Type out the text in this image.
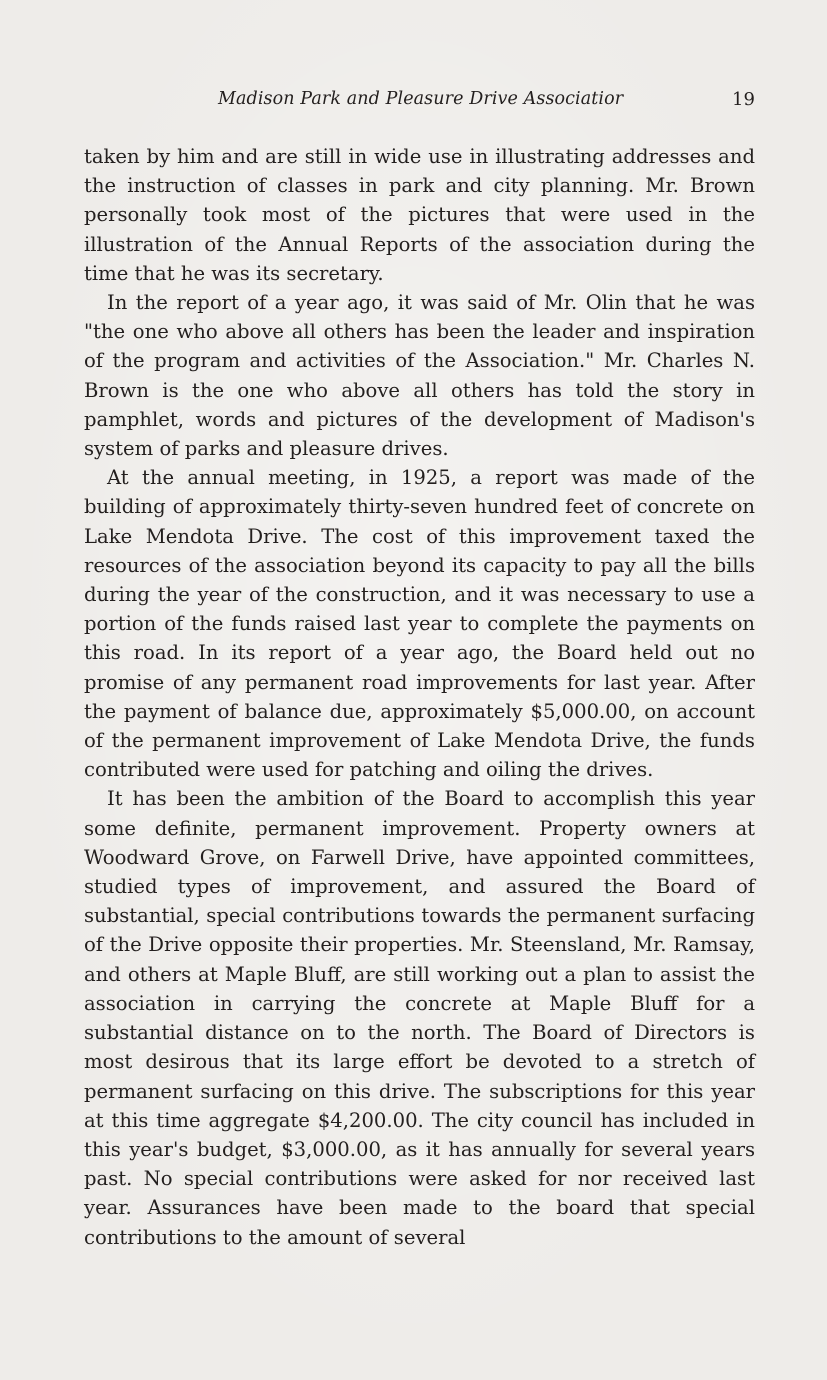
Madison Park and Pleasure Drive Associatior	19

taken by him and are still in wide use in illustrating addresses and the instruction of classes in park and city planning. Mr. Brown personally took most of the pictures that were used in the illustration of the Annual Reports of the association during the time that he was its secretary.

In the report of a year ago, it was said of Mr. Olin that he was "the one who above all others has been the leader and inspiration of the program and activities of the Association." Mr. Charles N. Brown is the one who above all others has told the story in pamphlet, words and pictures of the development of Madison's system of parks and pleasure drives.

At the annual meeting, in 1925, a report was made of the building of approximately thirty-seven hundred feet of concrete on Lake Mendota Drive. The cost of this improvement taxed the resources of the association beyond its capacity to pay all the bills during the year of the construction, and it was necessary to use a portion of the funds raised last year to complete the payments on this road. In its report of a year ago, the Board held out no promise of any permanent road improvements for last year. After the payment of balance due, approximately $5,000.00, on account of the permanent improvement of Lake Mendota Drive, the funds contributed were used for patching and oiling the drives.

It has been the ambition of the Board to accomplish this year some definite, permanent improvement. Property owners at Woodward Grove, on Farwell Drive, have appointed committees, studied types of improvement, and assured the Board of substantial, special contributions towards the permanent surfacing of the Drive opposite their properties. Mr. Steensland, Mr. Ramsay, and others at Maple Bluff, are still working out a plan to assist the association in carrying the concrete at Maple Bluff for a substantial distance on to the north. The Board of Directors is most desirous that its large effort be devoted to a stretch of permanent surfacing on this drive. The subscriptions for this year at this time aggregate $4,200.00. The city council has included in this year's budget, $3,000.00, as it has annually for several years past. No special contributions were asked for nor received last year. Assurances have been made to the board that special contributions to the amount of several
